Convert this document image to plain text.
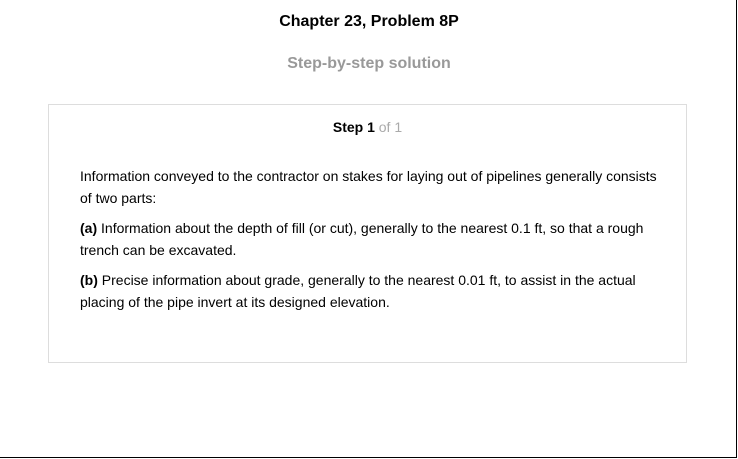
Chapter 23, Problem 8P
Step-by-step solution
Step 1 of 1

Information conveyed to the contractor on stakes for laying out of pipelines generally consists of two parts:

(a) Information about the depth of fill (or cut), generally to the nearest 0.1 ft, so that a rough trench can be excavated.

(b) Precise information about grade, generally to the nearest 0.01 ft, to assist in the actual placing of the pipe invert at its designed elevation.
